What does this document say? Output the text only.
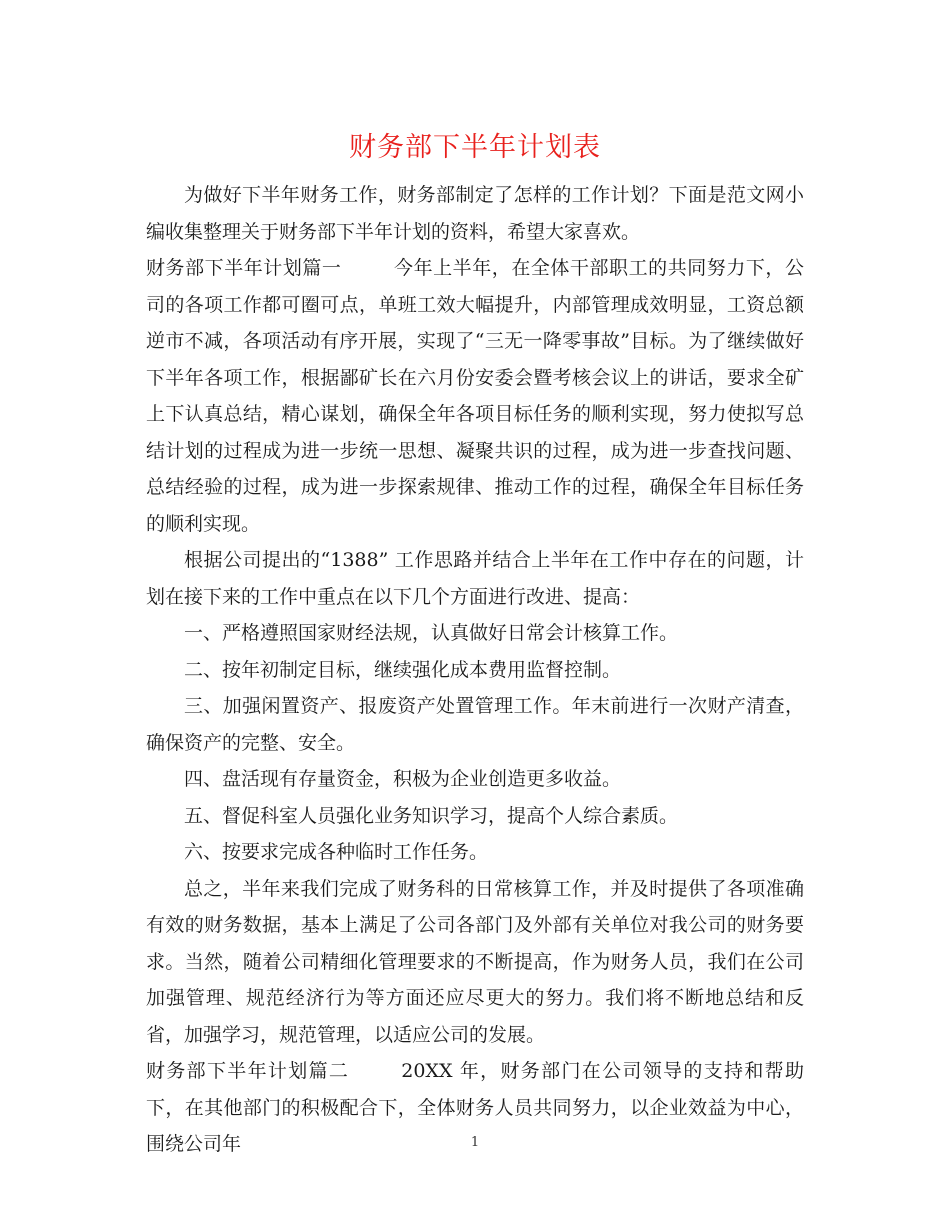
财务部下半年计划表

为做好下半年财务工作，财务部制定了怎样的工作计划？下面是范文网小编收集整理关于财务部下半年计划的资料，希望大家喜欢。

财务部下半年计划篇一	今年上半年，在全体干部职工的共同努力下，公司的各项工作都可圈可点，单班工效大幅提升，内部管理成效明显，工资总额逆市不减，各项活动有序开展，实现了“三无一降零事故”目标。为了继续做好下半年各项工作，根据鄙矿长在六月份安委会暨考核会议上的讲话，要求全矿上下认真总结，精心谋划，确保全年各项目标任务的顺利实现，努力使拟写总结计划的过程成为进一步统一思想、凝聚共识的过程，成为进一步查找问题、总结经验的过程，成为进一步探索规律、推动工作的过程，确保全年目标任务的顺利实现。

根据公司提出的“1388” 工作思路并结合上半年在工作中存在的问题，计划在接下来的工作中重点在以下几个方面进行改进、提高：

一、严格遵照国家财经法规，认真做好日常会计核算工作。

二、按年初制定目标，继续强化成本费用监督控制。

三、加强闲置资产、报废资产处置管理工作。年末前进行一次财产清查，确保资产的完整、安全。

四、盘活现有存量资金，积极为企业创造更多收益。

五、督促科室人员强化业务知识学习，提高个人综合素质。

六、按要求完成各种临时工作任务。

总之，半年来我们完成了财务科的日常核算工作，并及时提供了各项准确有效的财务数据，基本上满足了公司各部门及外部有关单位对我公司的财务要求。当然，随着公司精细化管理要求的不断提高，作为财务人员，我们在公司加强管理、规范经济行为等方面还应尽更大的努力。我们将不断地总结和反省，加强学习，规范管理，以适应公司的发展。

财务部下半年计划篇二	20XX 年，财务部门在公司领导的支持和帮助下，在其他部门的积极配合下，全体财务人员共同努力，以企业效益为中心，围绕公司年	1
